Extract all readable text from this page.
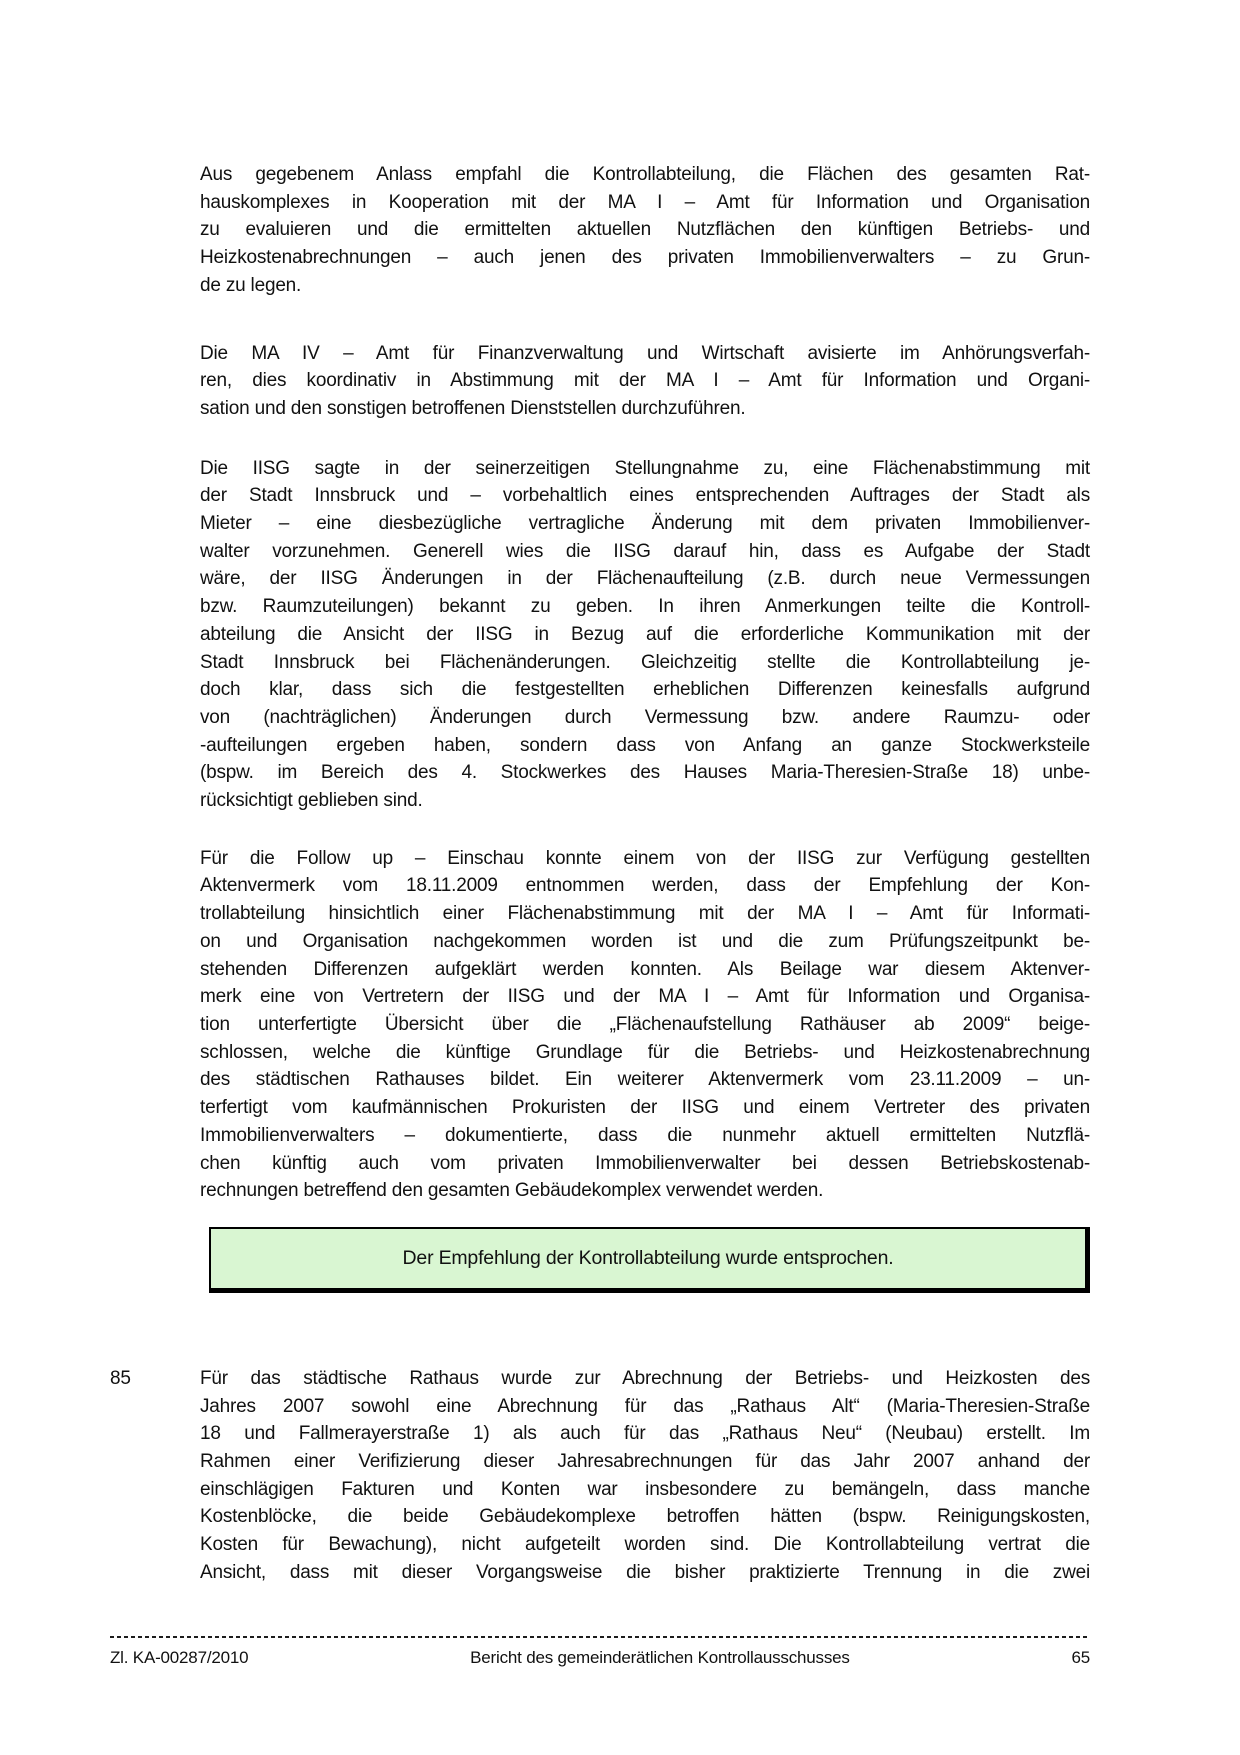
Aus gegebenem Anlass empfahl die Kontrollabteilung, die Flächen des gesamten Rat-
hauskomplexes in Kooperation mit der MA I – Amt für Information und Organisation
zu evaluieren und die ermittelten aktuellen Nutzflächen den künftigen Betriebs- und
Heizkostenabrechnungen – auch jenen des privaten Immobilienverwalters – zu Grun-
de zu legen.
Die MA IV – Amt für Finanzverwaltung und Wirtschaft avisierte im Anhörungsverfah-
ren, dies koordinativ in Abstimmung mit der MA I – Amt für Information und Organi-
sation und den sonstigen betroffenen Dienststellen durchzuführen.
Die IISG sagte in der seinerzeitigen Stellungnahme zu, eine Flächenabstimmung mit
der Stadt Innsbruck und – vorbehaltlich eines entsprechenden Auftrages der Stadt als
Mieter – eine diesbezügliche vertragliche Änderung mit dem privaten Immobilienver-
walter vorzunehmen. Generell wies die IISG darauf hin, dass es Aufgabe der Stadt
wäre, der IISG Änderungen in der Flächenaufteilung (z.B. durch neue Vermessungen
bzw. Raumzuteilungen) bekannt zu geben. In ihren Anmerkungen teilte die Kontroll-
abteilung die Ansicht der IISG in Bezug auf die erforderliche Kommunikation mit der
Stadt Innsbruck bei Flächenänderungen. Gleichzeitig stellte die Kontrollabteilung je-
doch klar, dass sich die festgestellten erheblichen Differenzen keinesfalls aufgrund
von (nachträglichen) Änderungen durch Vermessung bzw. andere Raumzu- oder
-aufteilungen ergeben haben, sondern dass von Anfang an ganze Stockwerksteile
(bspw. im Bereich des 4. Stockwerkes des Hauses Maria-Theresien-Straße 18) unbe-
rücksichtigt geblieben sind.
Für die Follow up – Einschau konnte einem von der IISG zur Verfügung gestellten
Aktenvermerk vom 18.11.2009 entnommen werden, dass der Empfehlung der Kon-
trollabteilung hinsichtlich einer Flächenabstimmung mit der MA I – Amt für Informati-
on und Organisation nachgekommen worden ist und die zum Prüfungszeitpunkt be-
stehenden Differenzen aufgeklärt werden konnten. Als Beilage war diesem Aktenver-
merk eine von Vertretern der IISG und der MA I – Amt für Information und Organisa-
tion unterfertigte Übersicht über die „Flächenaufstellung Rathäuser ab 2009“ beige-
schlossen, welche die künftige Grundlage für die Betriebs- und Heizkostenabrechnung
des städtischen Rathauses bildet. Ein weiterer Aktenvermerk vom 23.11.2009 – un-
terfertigt vom kaufmännischen Prokuristen der IISG und einem Vertreter des privaten
Immobilienverwalters – dokumentierte, dass die nunmehr aktuell ermittelten Nutzflä-
chen künftig auch vom privaten Immobilienverwalter bei dessen Betriebskostenab-
rechnungen betreffend den gesamten Gebäudekomplex verwendet werden.
Der Empfehlung der Kontrollabteilung wurde entsprochen.
85	Für das städtische Rathaus wurde zur Abrechnung der Betriebs- und Heizkosten des
Jahres 2007 sowohl eine Abrechnung für das „Rathaus Alt“ (Maria-Theresien-Straße
18 und Fallmerayerstraße 1) als auch für das „Rathaus Neu“ (Neubau) erstellt. Im
Rahmen einer Verifizierung dieser Jahresabrechnungen für das Jahr 2007 anhand der
einschlägigen Fakturen und Konten war insbesondere zu bemängeln, dass manche
Kostenblöcke, die beide Gebäudekomplexe betroffen hätten (bspw. Reinigungskosten,
Kosten für Bewachung), nicht aufgeteilt worden sind. Die Kontrollabteilung vertrat die
Ansicht, dass mit dieser Vorgangsweise die bisher praktizierte Trennung in die zwei
Zl. KA-00287/2010	Bericht des gemeinderätlichen Kontrollausschusses	65
